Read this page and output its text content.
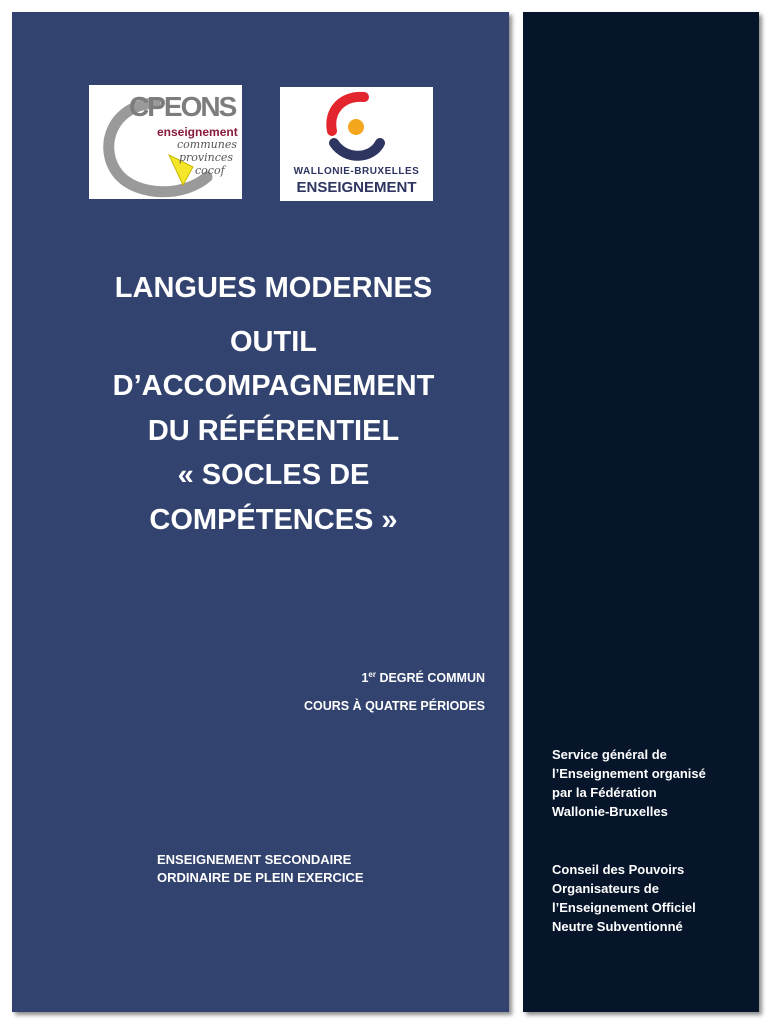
CPEONS
enseignement
communes
provinces
cocof	WALLONIE-BRUXELLES
ENSEIGNEMENT
LANGUES MODERNES
OUTIL
D’ACCOMPAGNEMENT
DU RÉFÉRENTIEL
« SOCLES DE
COMPÉTENCES »
1er DEGRÉ COMMUN
COURS À QUATRE PÉRIODES
ENSEIGNEMENT SECONDAIRE
ORDINAIRE DE PLEIN EXERCICE
Service général de
l’Enseignement organisé
par la Fédération
Wallonie-Bruxelles
Conseil des Pouvoirs
Organisateurs de
l’Enseignement Officiel
Neutre Subventionné
